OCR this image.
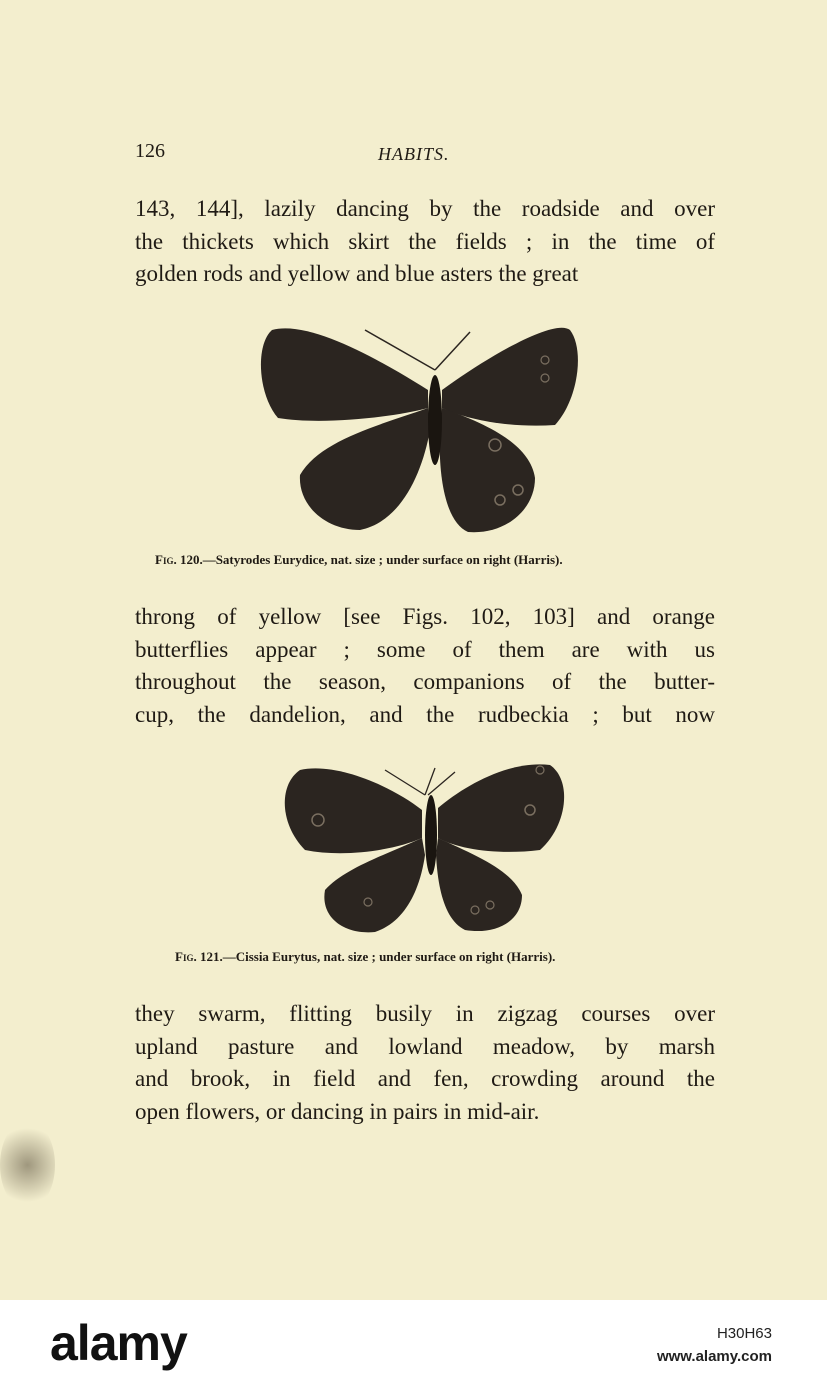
126	HABITS.
143, 144], lazily dancing by the roadside and over
the thickets which skirt the fields ; in the time of
golden rods and yellow and blue asters the great
Fig. 120.—Satyrodes Eurydice, nat. size ; under surface on right (Harris).
throng of yellow [see Figs. 102, 103] and orange
butterflies appear ; some of them are with us
throughout the season, companions of the butter-
cup, the dandelion, and the rudbeckia ; but now
Fig. 121.—Cissia Eurytus, nat. size ; under surface on right (Harris).
they swarm, flitting busily in zigzag courses over
upland pasture and lowland meadow, by marsh
and brook, in field and fen, crowding around the
open flowers, or dancing in pairs in mid-air.
alamy	H30H63
www.alamy.com
